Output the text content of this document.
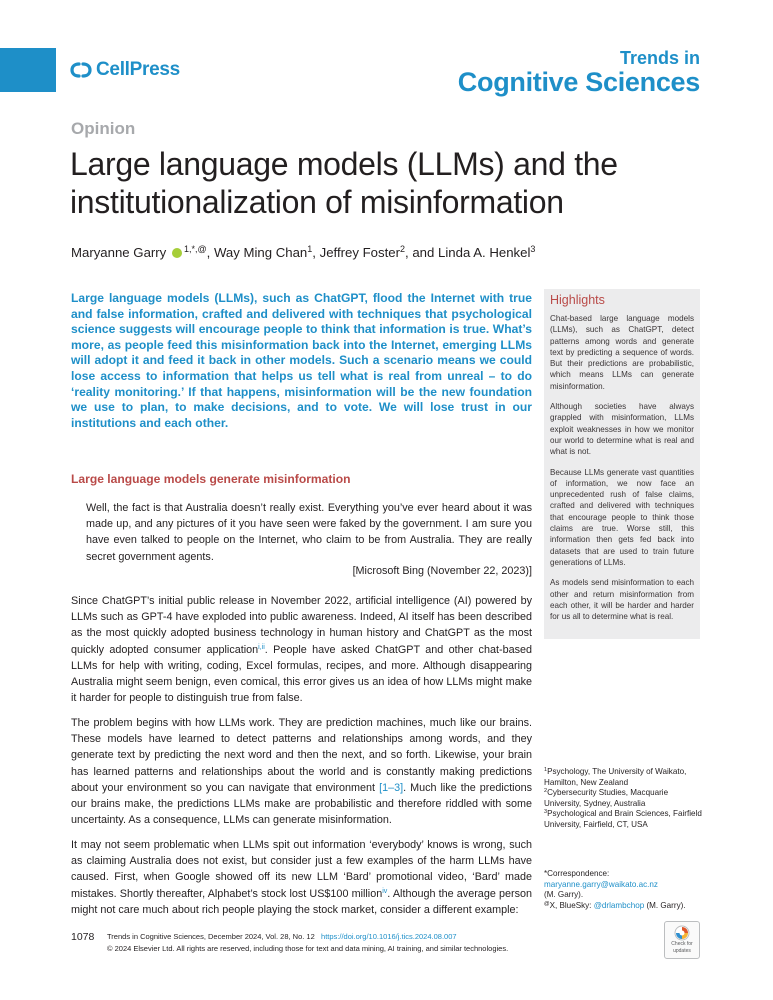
CellPress
Trends in
Cognitive Sciences
Opinion
Large language models (LLMs) and the institutionalization of misinformation
Maryanne Garry $^{1,*,@}$, Way Ming Chan$^1$, Jeffrey Foster$^2$, and Linda A. Henkel$^3$

Large language models (LLMs), such as ChatGPT, flood the Internet with true and false information, crafted and delivered with techniques that psychological science suggests will encourage people to think that information is true. What’s more, as people feed this misinformation back into the Internet, emerging LLMs will adopt it and feed it back in other models. Such a scenario means we could lose access to information that helps us tell what is real from unreal – to do ‘reality monitoring.’ If that happens, misinformation will be the new foundation we use to plan, to make decisions, and to vote. We will lose trust in our institutions and each other.

Highlights

Chat-based large language models (LLMs), such as ChatGPT, detect patterns among words and generate text by predicting a sequence of words. But their predictions are probabilistic, which means LLMs can generate misinformation.

Although societies have always grappled with misinformation, LLMs exploit weaknesses in how we monitor our world to determine what is real and what is not.

Because LLMs generate vast quantities of information, we now face an unprecedented rush of false claims, crafted and delivered with techniques that encourage people to think those claims are true. Worse still, this information then gets fed back into datasets that are used to train future generations of LLMs.

As models send misinformation to each other and return misinformation from each other, it will be harder and harder for us all to determine what is real.

Large language models generate misinformation

Well, the fact is that Australia doesn’t really exist. Everything you’ve ever heard about it was made up, and any pictures of it you have seen were faked by the government. I am sure you have even talked to people on the Internet, who claim to be from Australia. They are really secret government agents.

[Microsoft Bing (November 22, 2023)]

Since ChatGPT’s initial public release in November 2022, artificial intelligence (AI) powered by LLMs such as GPT-4 have exploded into public awareness. Indeed, AI itself has been described as the most quickly adopted business technology in human history and ChatGPT as the most quickly adopted consumer application$^{i,ii}$. People have asked ChatGPT and other chat-based LLMs for help with writing, coding, Excel formulas, recipes, and more. Although disappearing Australia might seem benign, even comical, this error gives us an idea of how LLMs might make it harder for people to distinguish true from false.

The problem begins with how LLMs work. They are prediction machines, much like our brains. These models have learned to detect patterns and relationships among words, and they generate text by predicting the next word and then the next, and so forth. Likewise, your brain has learned patterns and relationships about the world and is constantly making predictions about your environment so you can navigate that environment [1–3]. Much like the predictions our brains make, the predictions LLMs make are probabilistic and therefore riddled with some uncertainty. As a consequence, LLMs can generate misinformation.

It may not seem problematic when LLMs spit out information ‘everybody’ knows is wrong, such as claiming Australia does not exist, but consider just a few examples of the harm LLMs have caused. First, when Google showed off its new LLM ‘Bard’ promotional video, ‘Bard’ made mistakes. Shortly thereafter, Alphabet’s stock lost US$100 million$^{iv}$. Although the average person might not care much about rich people playing the stock market, consider a different example:

$^1$Psychology, The University of Waikato, Hamilton, New Zealand
$^2$Cybersecurity Studies, Macquarie University, Sydney, Australia
$^3$Psychological and Brain Sciences, Fairfield University, Fairfield, CT, USA
*Correspondence:
maryanne.garry@waikato.ac.nz
(M. Garry).
@X, BlueSky: @drlambchop (M. Garry).
1078 Trends in Cognitive Sciences, December 2024, Vol. 28, No. 12 https://doi.org/10.1016/j.tics.2024.08.007
© 2024 Elsevier Ltd. All rights are reserved, including those for text and data mining, AI training, and similar technologies.	Check for
updates
